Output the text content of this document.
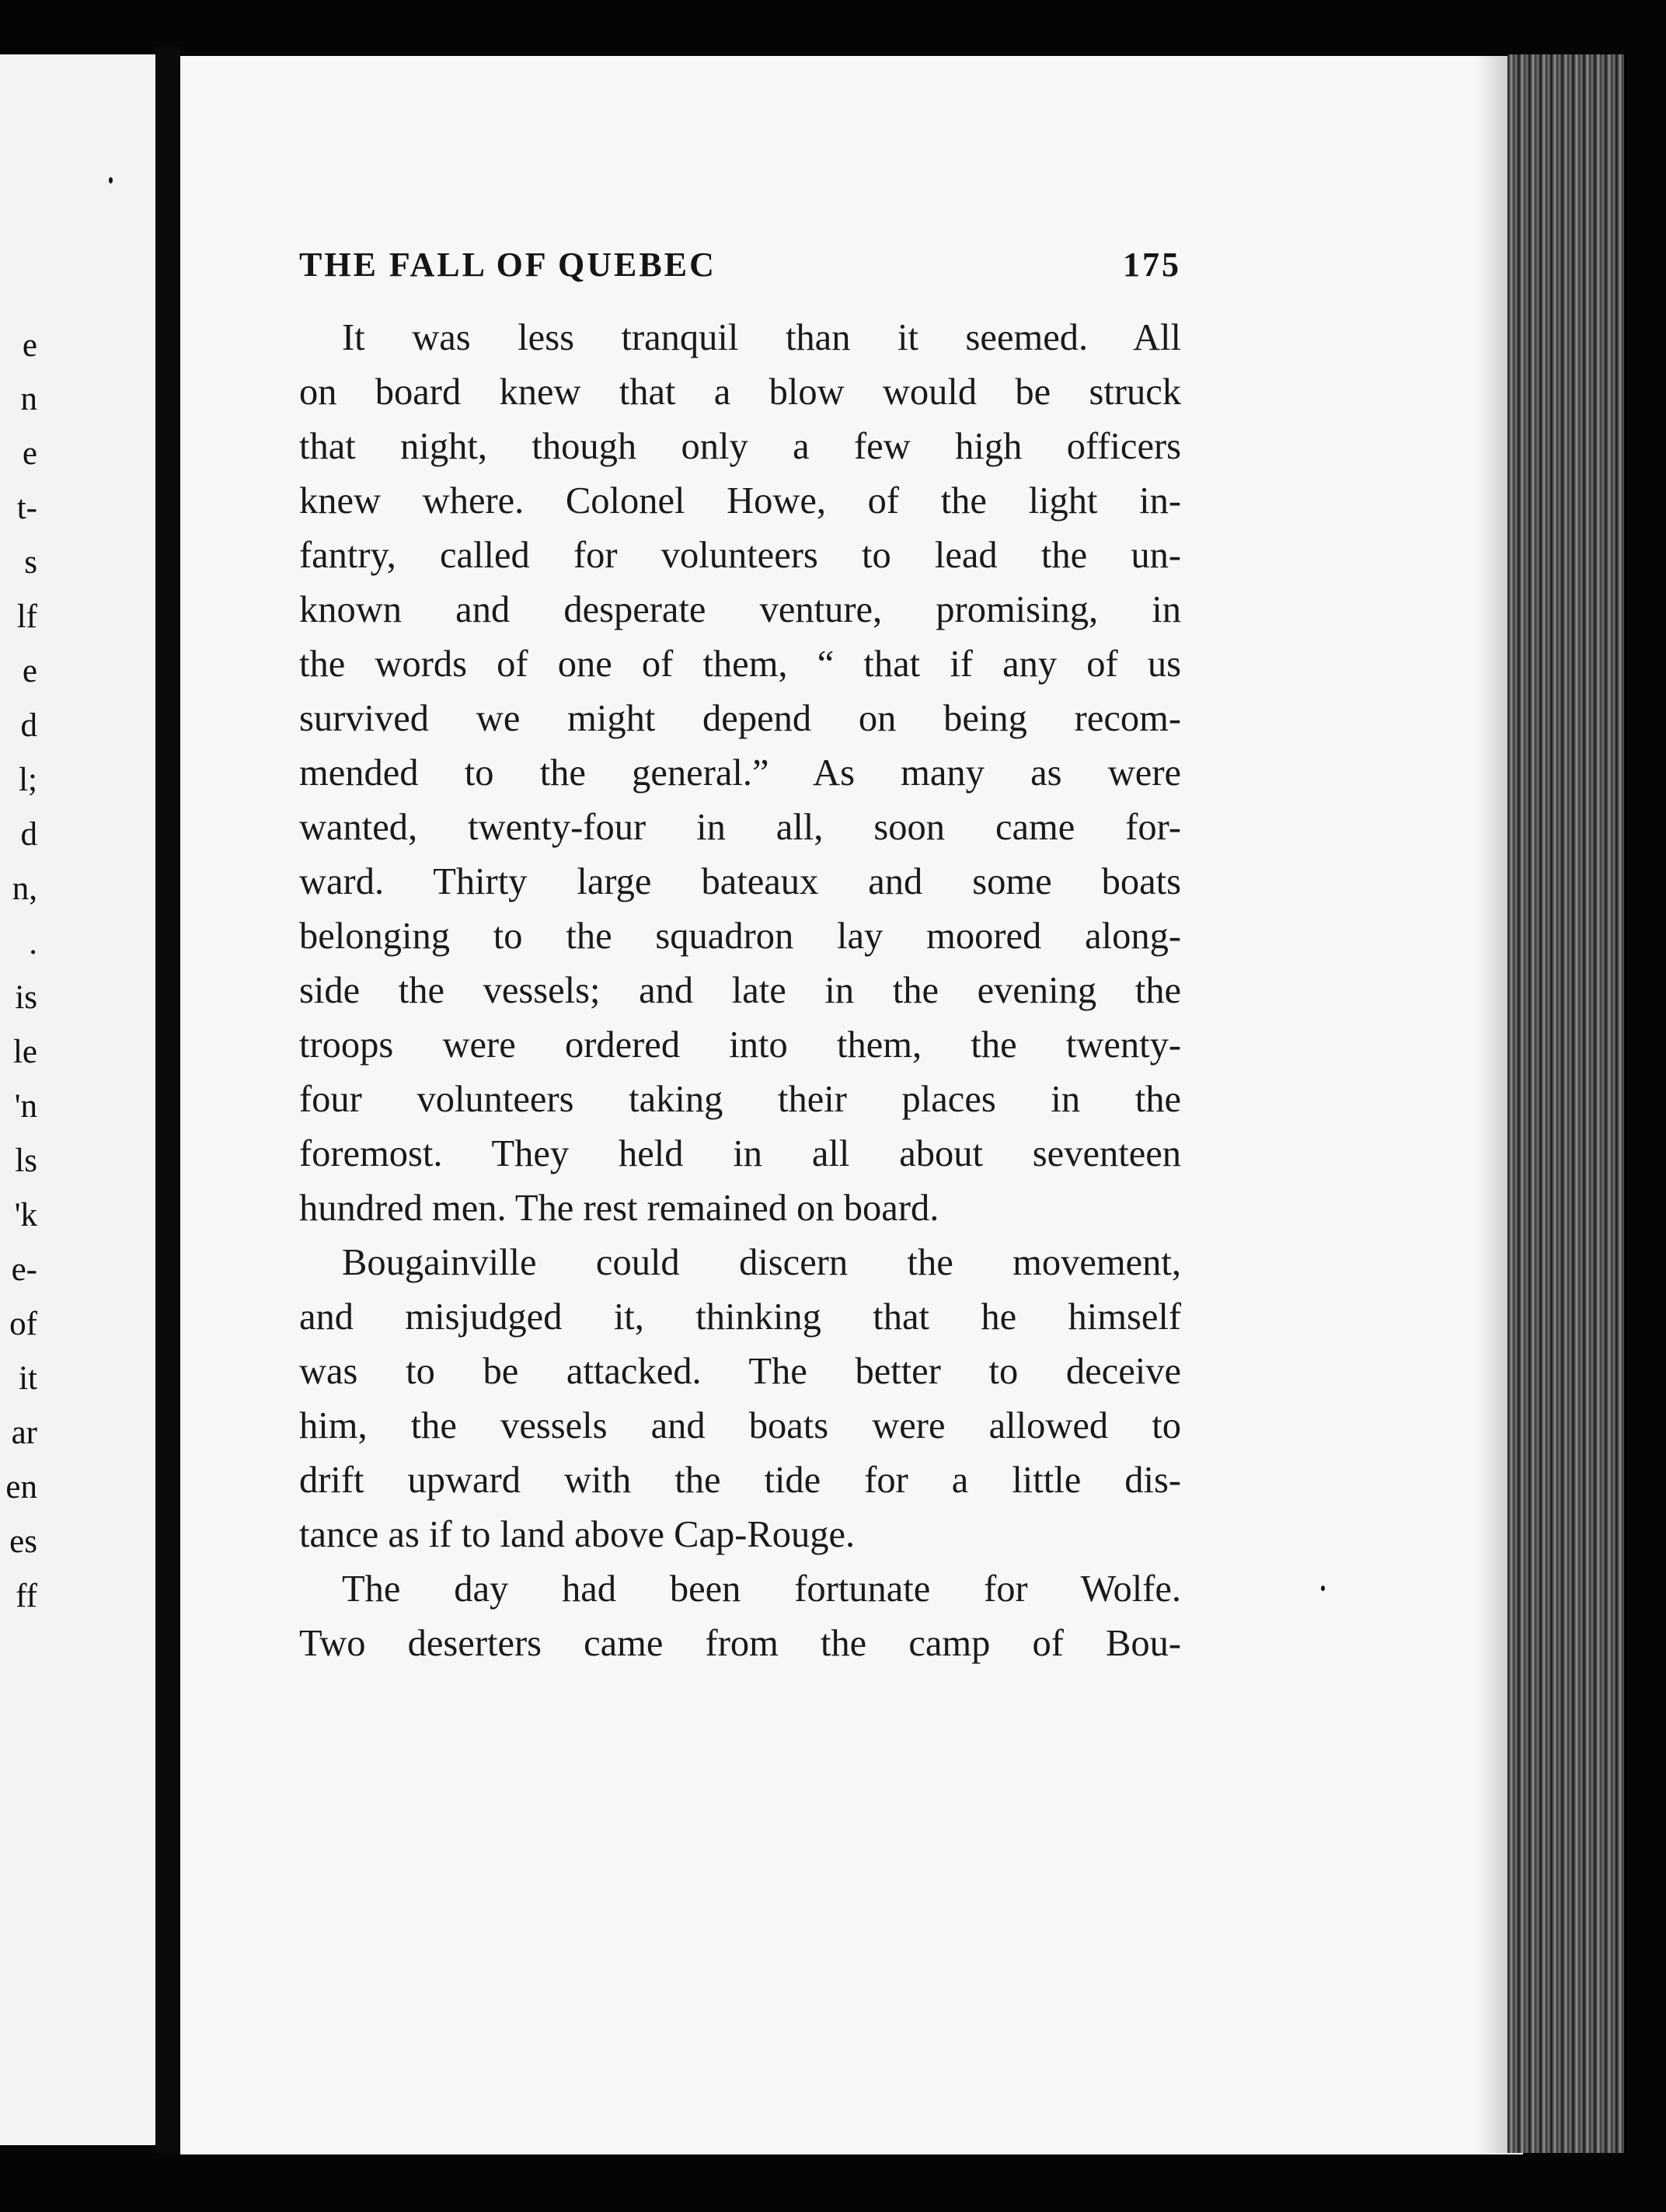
e
n
e
t-
s
lf
e
d
l;
d
n,
.
is
le
'n
ls
'k
e-
of
it
ar
en
es
ff
THE FALL OF QUEBEC	175
It was less tranquil than it seemed. All
on board knew that a blow would be struck
that night, though only a few high officers
knew where. Colonel Howe, of the light in-
fantry, called for volunteers to lead the un-
known and desperate venture, promising, in
the words of one of them, “ that if any of us
survived we might depend on being recom-
mended to the general.” As many as were
wanted, twenty-four in all, soon came for-
ward. Thirty large bateaux and some boats
belonging to the squadron lay moored along-
side the vessels; and late in the evening the
troops were ordered into them, the twenty-
four volunteers taking their places in the
foremost. They held in all about seventeen
hundred men. The rest remained on board.
Bougainville could discern the movement,
and misjudged it, thinking that he himself
was to be attacked. The better to deceive
him, the vessels and boats were allowed to
drift upward with the tide for a little dis-
tance as if to land above Cap-Rouge.
The day had been fortunate for Wolfe.
Two deserters came from the camp of Bou-
